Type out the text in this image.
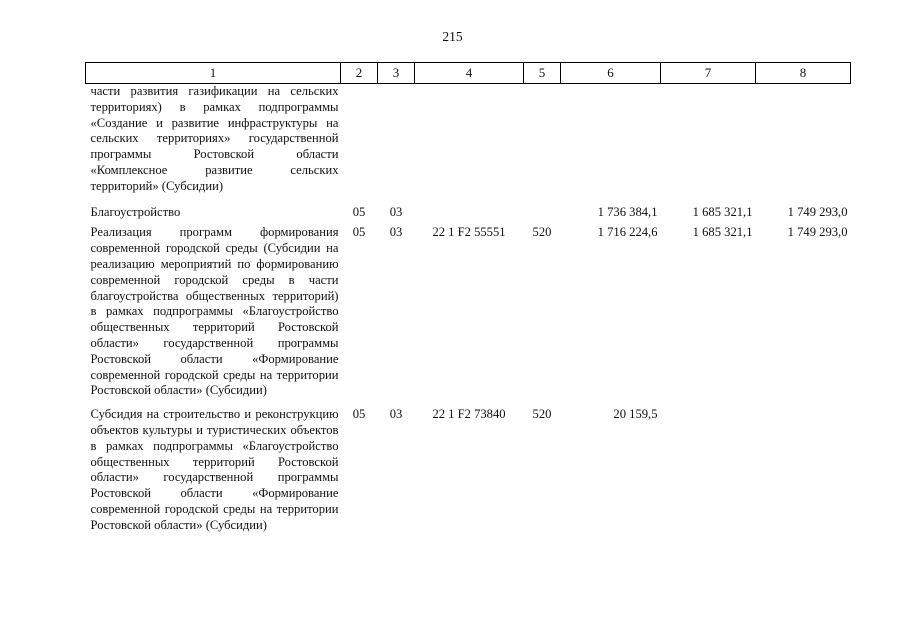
215
1	2	3	4	5	6	7	8
части развития газификации на сельских территориях) в рамках подпрограммы «Создание и развитие инфраструктуры на сельских территориях» государственной программы Ростовской области «Комплексное развитие сельских территорий» (Субсидии)							
Благоустройство	05	03			1 736 384,1	1 685 321,1	1 749 293,0
Реализация программ формирования современной городской среды (Субсидии на реализацию мероприятий по формированию современной городской среды в части благоустройства общественных территорий) в рамках подпрограммы «Благоустройство общественных территорий Ростовской области» государственной программы Ростовской области «Формирование современной городской среды на территории Ростовской области» (Субсидии)	05	03	22 1 F2 55551	520	1 716 224,6	1 685 321,1	1 749 293,0
Субсидия на строительство и реконструкцию объектов культуры и туристических объектов в рамках подпрограммы «Благоустройство общественных территорий Ростовской области» государственной программы Ростовской области «Формирование современной городской среды на территории Ростовской области» (Субсидии)	05	03	22 1 F2 73840	520	20 159,5		
